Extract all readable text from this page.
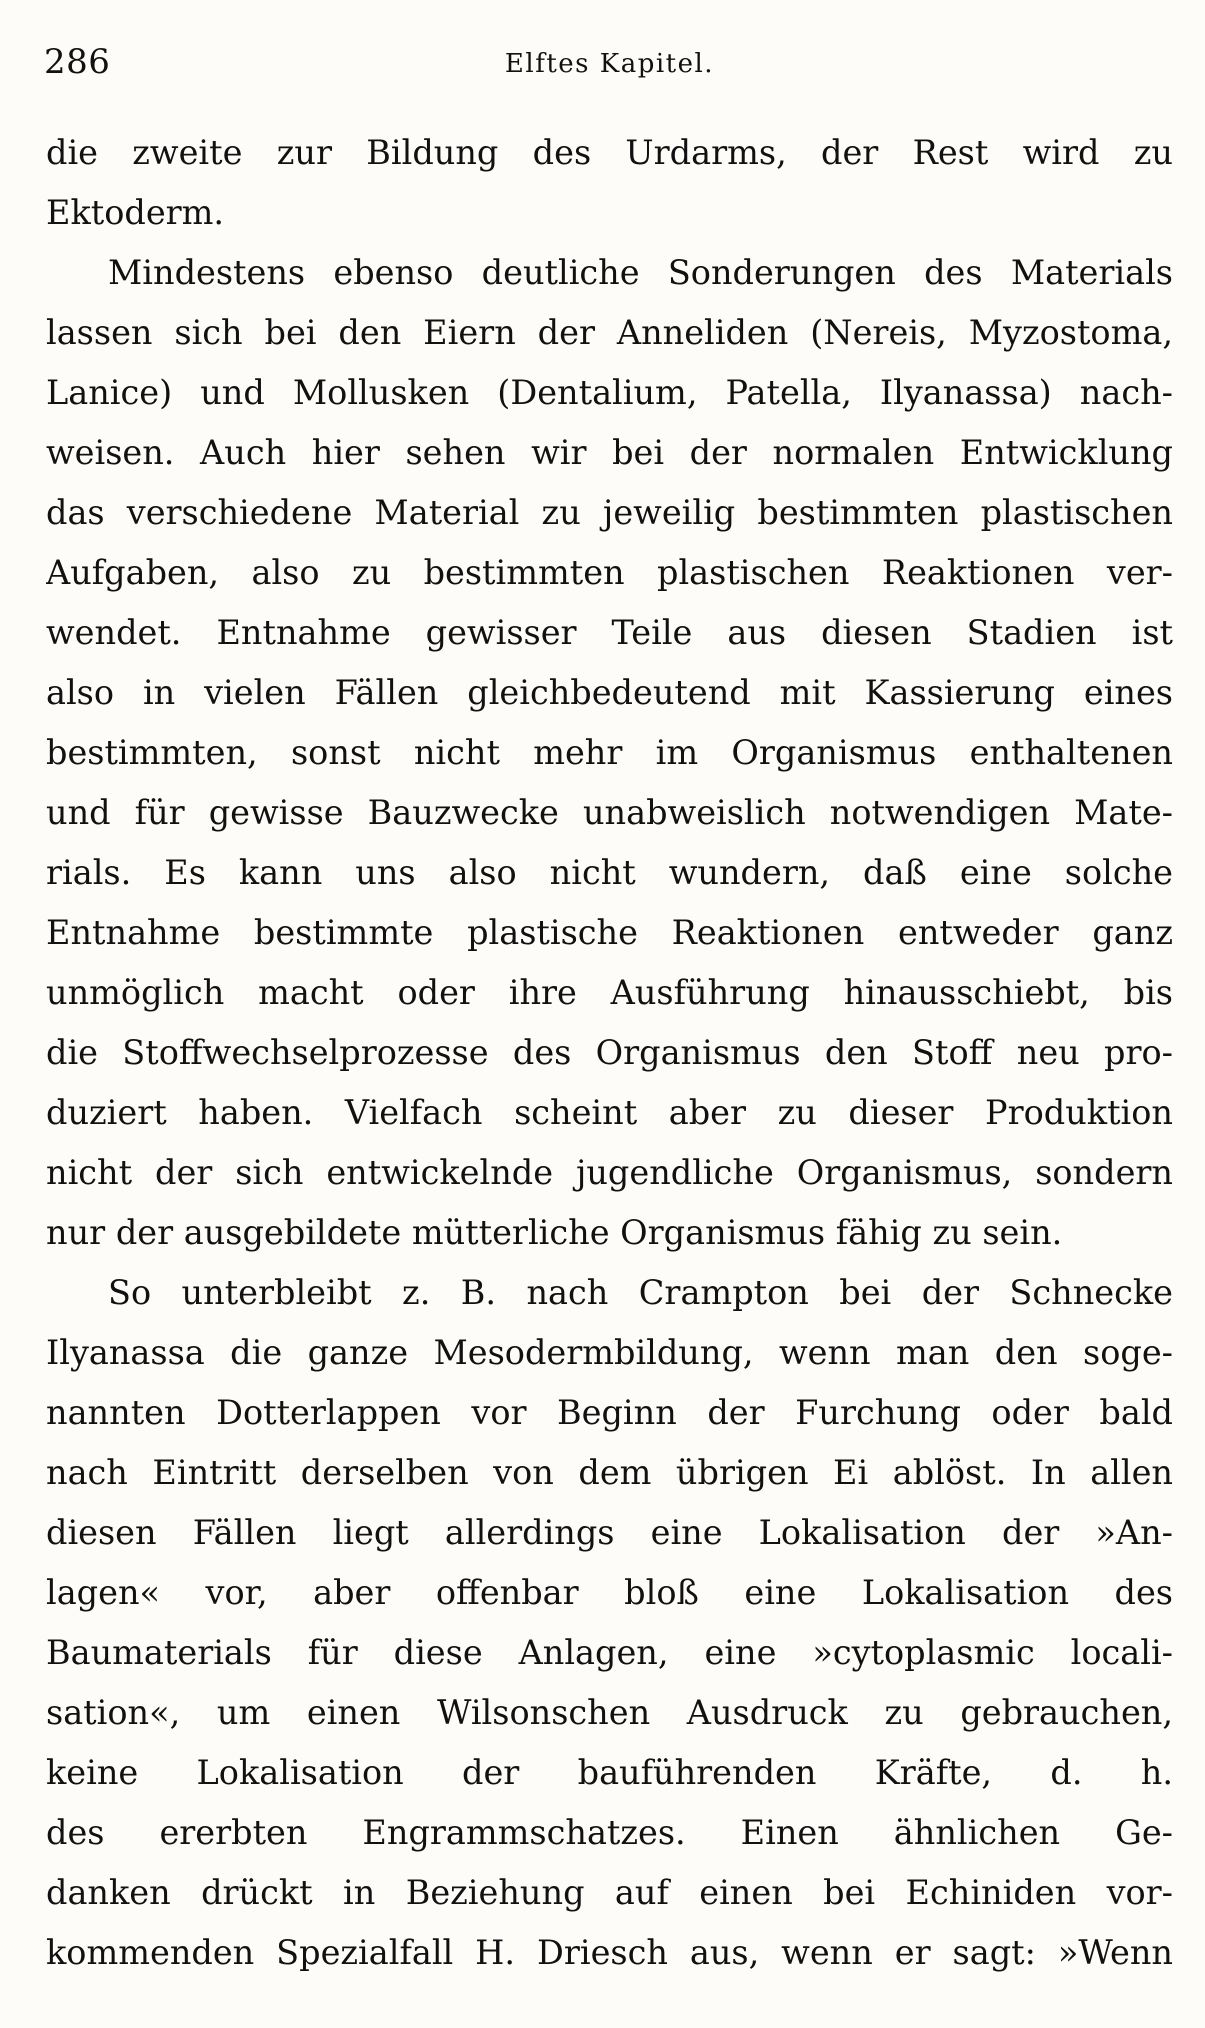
286	Elftes Kapitel.
die zweite zur Bildung des Urdarms, der Rest wird zu
Ektoderm.
Mindestens ebenso deutliche Sonderungen des Materials
lassen sich bei den Eiern der Anneliden (Nereis, Myzostoma,
Lanice) und Mollusken (Dentalium, Patella, Ilyanassa) nach-
weisen. Auch hier sehen wir bei der normalen Entwicklung
das verschiedene Material zu jeweilig bestimmten plastischen
Aufgaben, also zu bestimmten plastischen Reaktionen ver-
wendet. Entnahme gewisser Teile aus diesen Stadien ist
also in vielen Fällen gleichbedeutend mit Kassierung eines
bestimmten, sonst nicht mehr im Organismus enthaltenen
und für gewisse Bauzwecke unabweislich notwendigen Mate-
rials. Es kann uns also nicht wundern, daß eine solche
Entnahme bestimmte plastische Reaktionen entweder ganz
unmöglich macht oder ihre Ausführung hinausschiebt, bis
die Stoffwechselprozesse des Organismus den Stoff neu pro-
duziert haben. Vielfach scheint aber zu dieser Produktion
nicht der sich entwickelnde jugendliche Organismus, sondern
nur der ausgebildete mütterliche Organismus fähig zu sein.
So unterbleibt z. B. nach Crampton bei der Schnecke
Ilyanassa die ganze Mesodermbildung, wenn man den soge-
nannten Dotterlappen vor Beginn der Furchung oder bald
nach Eintritt derselben von dem übrigen Ei ablöst. In allen
diesen Fällen liegt allerdings eine Lokalisation der »An-
lagen« vor, aber offenbar bloß eine Lokalisation des
Baumaterials für diese Anlagen, eine »cytoplasmic locali-
sation«, um einen Wilsonschen Ausdruck zu gebrauchen,
keine Lokalisation der bauführenden Kräfte, d. h.
des ererbten Engrammschatzes. Einen ähnlichen Ge-
danken drückt in Beziehung auf einen bei Echiniden vor-
kommenden Spezialfall H. Driesch aus, wenn er sagt: »Wenn
